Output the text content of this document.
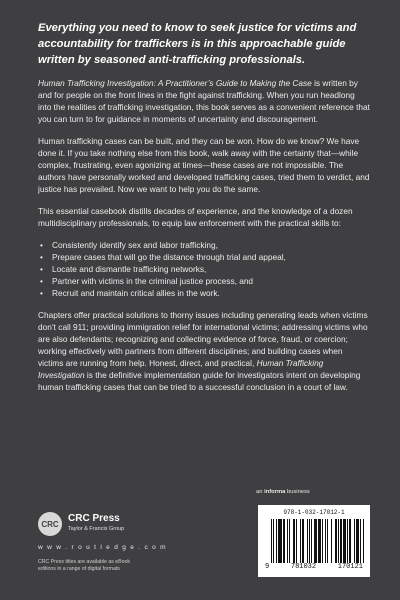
Everything you need to know to seek justice for victims and accountability for traffickers is in this approachable guide written by seasoned anti-trafficking professionals.

Human Trafficking Investigation: A Practitioner’s Guide to Making the Case is written by and for people on the front lines in the fight against trafficking. When you run headlong into the realities of trafficking investigation, this book serves as a convenient reference that you can turn to for guidance in moments of uncertainty and discouragement.

Human trafficking cases can be built, and they can be won. How do we know? We have done it. If you take nothing else from this book, walk away with the certainty that—while complex, frustrating, even agonizing at times—these cases are not impossible. The authors have personally worked and developed trafficking cases, tried them to verdict, and justice has prevailed. Now we want to help you do the same.

This essential casebook distills decades of experience, and the knowledge of a dozen multidisciplinary professionals, to equip law enforcement with the practical skills to:

• Consistently identify sex and labor trafficking,
• Prepare cases that will go the distance through trial and appeal,
• Locate and dismantle trafficking networks,
• Partner with victims in the criminal justice process, and
• Recruit and maintain critical allies in the work.

Chapters offer practical solutions to thorny issues including generating leads when victims don’t call 911; providing immigration relief for international victims; addressing victims who are also defendants; recognizing and collecting evidence of force, fraud, or coercion; working effectively with partners from different disciplines; and building cases when victims are running from help. Honest, direct, and practical, Human Trafficking Investigation is the definitive implementation guide for investigators intent on developing human trafficking cases that can be tried to a successful conclusion in a court of law.

an informa business
CRC CRC Press
Taylor & Francis Group
w w w . r o u t l e d g e . c o m
CRC Press titles are available as eBook editions in a range of digital formats
978-1-032-17012-1
9	781032	170121
